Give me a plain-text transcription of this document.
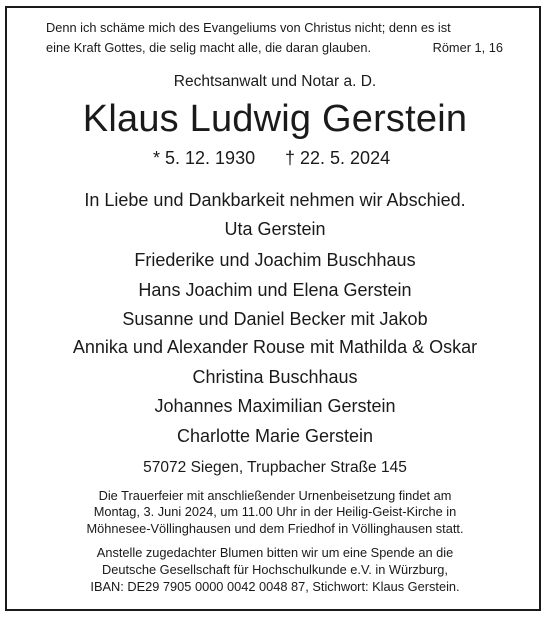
Denn ich schäme mich des Evangeliums von Christus nicht; denn es ist
eine Kraft Gottes, die selig macht alle, die daran glauben.	Römer 1, 16
Rechtsanwalt und Notar a. D.
Klaus Ludwig Gerstein
* 5. 12. 1930 † 22. 5. 2024
In Liebe und Dankbarkeit nehmen wir Abschied.
Uta Gerstein
Friederike und Joachim Buschhaus
Hans Joachim und Elena Gerstein
Susanne und Daniel Becker mit Jakob
Annika und Alexander Rouse mit Mathilda & Oskar
Christina Buschhaus
Johannes Maximilian Gerstein
Charlotte Marie Gerstein
57072 Siegen, Trupbacher Straße 145
Die Trauerfeier mit anschließender Urnenbeisetzung findet am
Montag, 3. Juni 2024, um 11.00 Uhr in der Heilig-Geist-Kirche in
Möhnesee-Völlinghausen und dem Friedhof in Völlinghausen statt.
Anstelle zugedachter Blumen bitten wir um eine Spende an die
Deutsche Gesellschaft für Hochschulkunde e.V. in Würzburg,
IBAN: DE29 7905 0000 0042 0048 87, Stichwort: Klaus Gerstein.
